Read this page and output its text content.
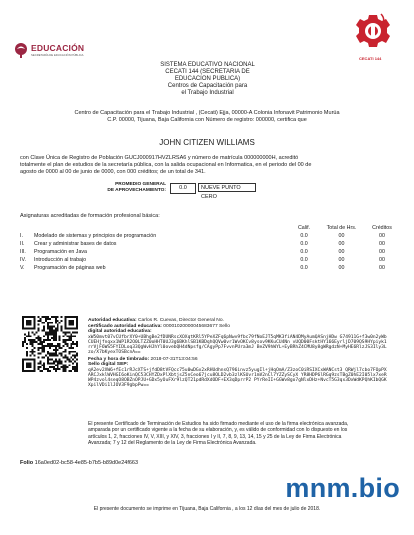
EDUCACIÓN
SECRETARÍA DE EDUCACIÓN PÚBLICA
CECATI 144
SISTEMA EDUCATIVO NACIONAL
CECATI 144 (SECRETARIA DE
EDUCACION PUBLICA)
Centros de Capacitación para
el Trabajo Industrial
Centro de Capacitación para el Trabajo Industrial , (Cecati) Ejja, 00000-A Colonia Infonavit Patrimonio Murúa
C.P. 00000, Tijuana, Baja California con Número de registro: 000000, certifica que
JOHN CITIZEN WILLIAMS
con Clave Única de Registro de Población GUCJ000917HVZLRSA6 y número de matrícula 000000000H, acreditó
totalmente el plan de estudios de la secretaría pública, con la salida ocupacional en Informatica, en el periodo del 00 de
agosto de 0000 al 00 de junio de 0000, con 000 créditos; de un total de 341.
PROMEDIO GENERAL
DE APROVECHAMIENTO:	0.0	NUEVE PUNTO CERO
Asignaturas acreditadas de formación profesional básica:
		Calif.	Total de Hrs.	Créditos
I.	Modelado de sistemas y principios de programación	0.0	00	00
II.	Crear y administrar bases de datos	0.0	00	00
III.	Programación en Java	0.0	00	00
IV.	Introducción al trabajo	0.0	00	00
V.	Programación de páginas web	0.0	00	00
Autoridad educativa: Carlos R. Cuevas, Director General No.
certificado autoridad educativa: 00001020000045683677 Sello
digital autoridad educativa:
xW50mvt07vCUfbrXY0+UBhgBe2fDUNRscXOXqtKRl5YPeXZFq6pNwv9fbc79fNoEJT5qMK3fiAN4DMyAumQASnjHDw G74911G+f3w0n2yWbCUEHjfnqxx1WP1R2O0LTZZ0oHHT0UJ3g6BKhlSB1KBDqhQQVw0vr1WvOKCv8ysov9KKuCU4Nn vUQD00FsktHY166EyrljD709QS9HYpiyk1rrVjF6WS5FYIDLoq33QgWvHJhYl0ovebQH4dNpsfg/CAgyPp7FvvnPUra3mJ BeZV9hWYL+EyBRhZ4CMU8y8gWRgdzN+MyHE6RlzJS3Ily3Lzo/X7bKyexTOSBcnA==
Fecha y hora de timbrado: 2018-07-31T13:04:56
Sello digital SEP:
qA2ev2XW6+fEc1rRJcXTS+jfdD8tVFQcc75u0wDGx2xRHUdhnsQ796invz5yugIl+jHqOmA/Z3zoC0iRSIXCxWANCst3 QRWjl7cbo7FOpPXARCJxklWVHGI6oKinQC53CHYZDxPlXbtjsZ5nCeo67jcu8OLD2vb3zlKSUvr1mV2nCl7YZZySCyX YR8HDP6lRGq9zsTBgZ0hE2I05lx7xeRWP4zvol4seqO8OBZnOPJU+GDx5yOuFXr9lzQT21pdRdXdODF+EX3qDprrP2 PYrReII+GGWv8go7gNlxDHz+NvcT5G3qx3DxWdKPQhKIbQGKXpilVDi1lJOV3F9gbpPw==
El presente Certificado de Terminación de Estudios ha sido firmado mediante el uso de la firma electrónica avanzada,
amparada por un certificado vigente a la fecha de su elaboración, y, es válido de conformidad con lo dispuesto en los
artículos 1, 2, fracciones IV, V, XIII, y XIV, 3, fracciones I y II, 7, 8, 9, 13, 14, 15 y 25 de la Ley de Firma Electrónica
Avanzada; 7 y 12 del Reglamento de la Ley de Firma Electrónica Avanzada.
Folio 16a0ed02-bc58-4e85-b7b5-b89d0e24f663
mnm.bio
El presente documento se imprime en Tijuana, Baja California , a los 12 días del mes de julio de 2018.
